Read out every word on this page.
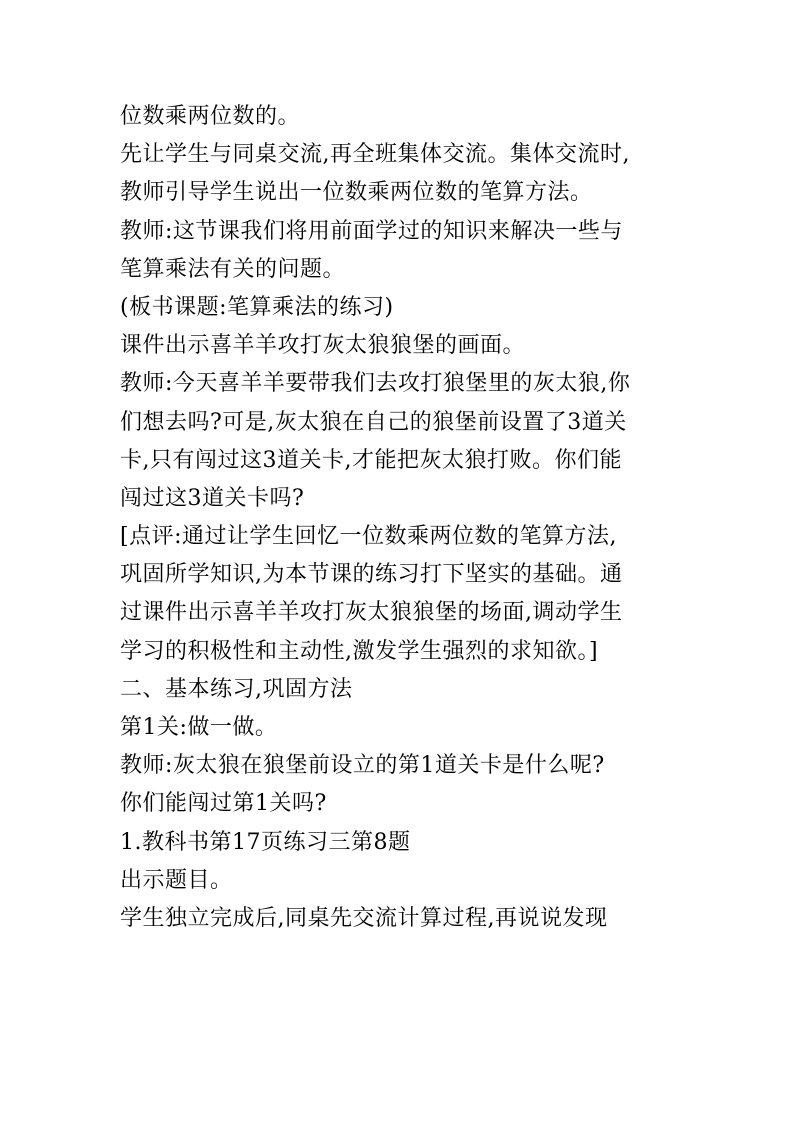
位数乘两位数的。
先让学生与同桌交流,再全班集体交流。集体交流时,
教师引导学生说出一位数乘两位数的笔算方法。
教师:这节课我们将用前面学过的知识来解决一些与
笔算乘法有关的问题。
(板书课题:笔算乘法的练习)
课件出示喜羊羊攻打灰太狼狼堡的画面。
教师:今天喜羊羊要带我们去攻打狼堡里的灰太狼,你
们想去吗?可是,灰太狼在自己的狼堡前设置了3道关
卡,只有闯过这3道关卡,才能把灰太狼打败。你们能
闯过这3道关卡吗?
[点评:通过让学生回忆一位数乘两位数的笔算方法,
巩固所学知识,为本节课的练习打下坚实的基础。通
过课件出示喜羊羊攻打灰太狼狼堡的场面,调动学生
学习的积极性和主动性,激发学生强烈的求知欲。]
二、基本练习,巩固方法
第1关:做一做。
教师:灰太狼在狼堡前设立的第1道关卡是什么呢?
你们能闯过第1关吗?
1.教科书第17页练习三第8题
出示题目。
学生独立完成后,同桌先交流计算过程,再说说发现
